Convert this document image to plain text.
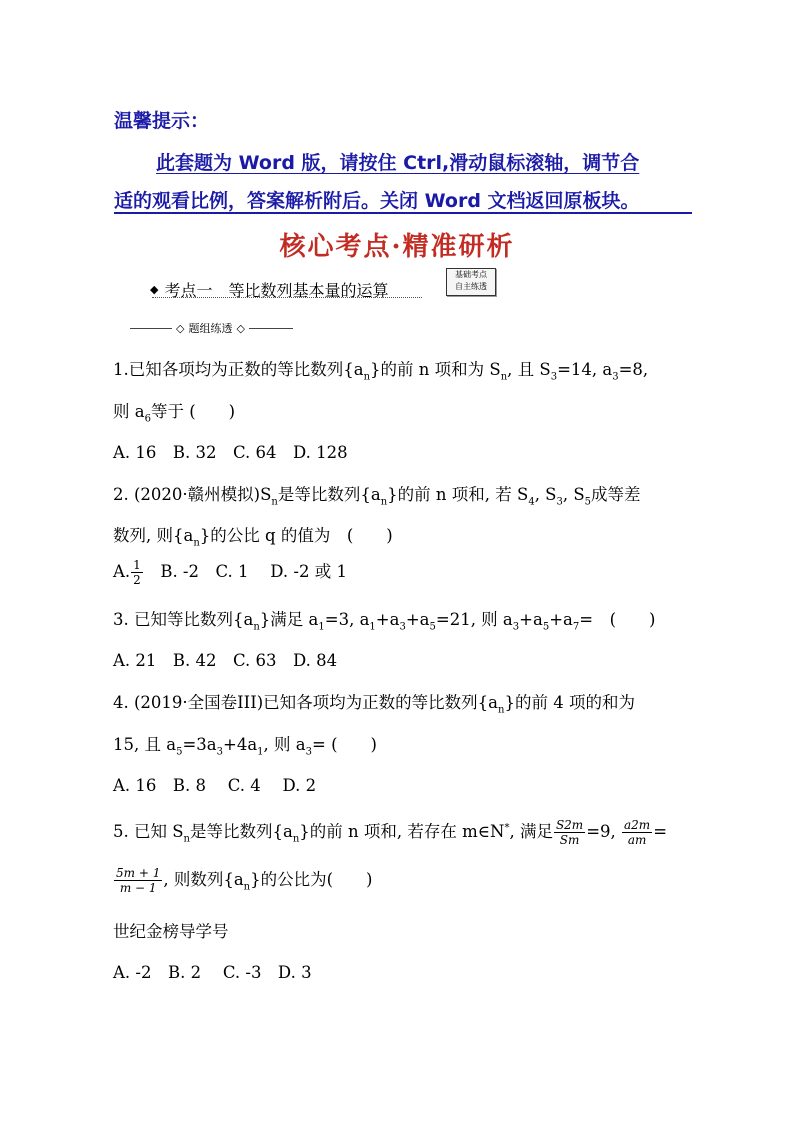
温馨提示：
此套题为 Word 版，请按住 Ctrl,滑动鼠标滚轴，调节合
适的观看比例，答案解析附后。关闭 Word 文档返回原板块。
核心考点·精准研析
◆ 考点一　等比数列基本量的运算
基础考点
自主练透
◇ 题组练透 ◇
1.已知各项均为正数的等比数列$\{a_n\}$的前 n 项和为 $S_n$, 且 $S_3=14$, $a_3=8$,
则 $a_6$等于 (　　)
A. 16　B. 32　C. 64　D. 128
2. (2020·赣州模拟)$S_n$是等比数列$\{a_n\}$的前 n 项和, 若 $S_4$, $S_3$, $S_5$成等差
数列, 则$\{a_n\}$的公比 q 的值为　(　　)
A. $\frac{1}{2}$ 　B. -2　C. 1　 D. -2 或 1
3. 已知等比数列$\{a_n\}$满足 $a_1=3$, $a_1+a_3+a_5=21$, 则 $a_3+a_5+a_7=$　(　　)
A. 21　B. 42　C. 63　D. 84
4. (2019·全国卷III)已知各项均为正数的等比数列$\{a_n\}$的前 4 项的和为
15, 且 $a_5=3a_3+4a_1$, 则 $a_3=$ (　　)
A. 16　B. 8　 C. 4　 D. 2
5. 已知 $S_n$是等比数列$\{a_n\}$的前 n 项和, 若存在 m∈N*, 满足 $\frac{S2m}{Sm} =9$, $\frac{a2m}{am}$ =
$\frac{5m + 1}{m - 1}$ , 则数列$\{a_n\}$的公比为(　　)
世纪金榜导学号
A. -2　B. 2　 C. -3　D. 3
